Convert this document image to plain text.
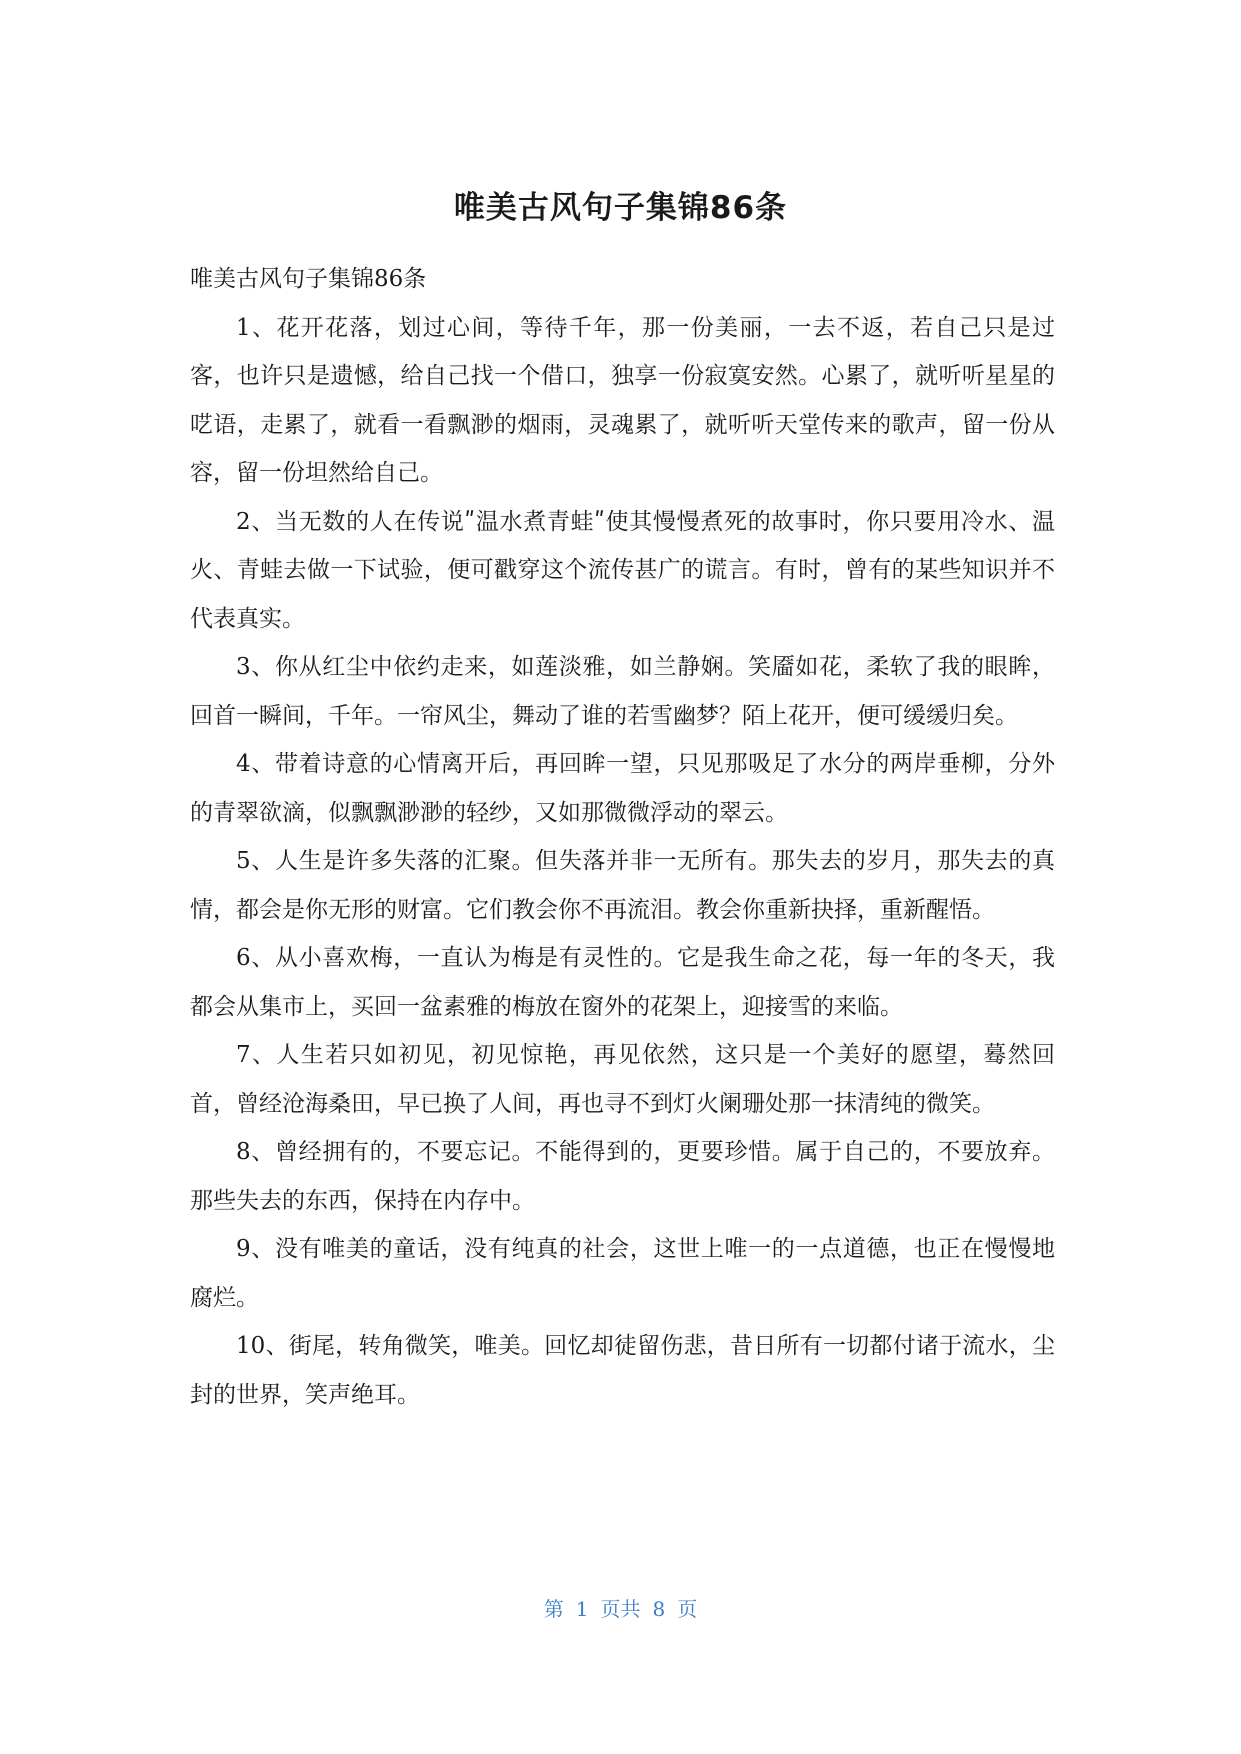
唯美古风句子集锦86条

唯美古风句子集锦86条

1、花开花落，划过心间，等待千年，那一份美丽，一去不返，若自己只是过客，也许只是遗憾，给自己找一个借口，独享一份寂寞安然。心累了，就听听星星的呓语，走累了，就看一看飘渺的烟雨，灵魂累了，就听听天堂传来的歌声，留一份从容，留一份坦然给自己。

2、当无数的人在传说ʺ温水煮青蛙ʺ使其慢慢煮死的故事时，你只要用冷水、温火、青蛙去做一下试验，便可戳穿这个流传甚广的谎言。有时，曾有的某些知识并不代表真实。

3、你从红尘中依约走来，如莲淡雅，如兰静娴。笑靥如花，柔软了我的眼眸，回首一瞬间，千年。一帘风尘，舞动了谁的若雪幽梦？陌上花开，便可缓缓归矣。

4、带着诗意的心情离开后，再回眸一望，只见那吸足了水分的两岸垂柳，分外的青翠欲滴，似飘飘渺渺的轻纱，又如那微微浮动的翠云。

5、人生是许多失落的汇聚。但失落并非一无所有。那失去的岁月，那失去的真情，都会是你无形的财富。它们教会你不再流泪。教会你重新抉择，重新醒悟。

6、从小喜欢梅，一直认为梅是有灵性的。它是我生命之花，每一年的冬天，我都会从集市上，买回一盆素雅的梅放在窗外的花架上，迎接雪的来临。

7、人生若只如初见，初见惊艳，再见依然，这只是一个美好的愿望，蓦然回首，曾经沧海桑田，早已换了人间，再也寻不到灯火阑珊处那一抹清纯的微笑。

8、曾经拥有的，不要忘记。不能得到的，更要珍惜。属于自己的，不要放弃。那些失去的东西，保持在内存中。

9、没有唯美的童话，没有纯真的社会，这世上唯一的一点道德，也正在慢慢地腐烂。

10、街尾，转角微笑，唯美。回忆却徒留伤悲，昔日所有一切都付诸于流水，尘封的世界，笑声绝耳。

第 1 页共 8 页
